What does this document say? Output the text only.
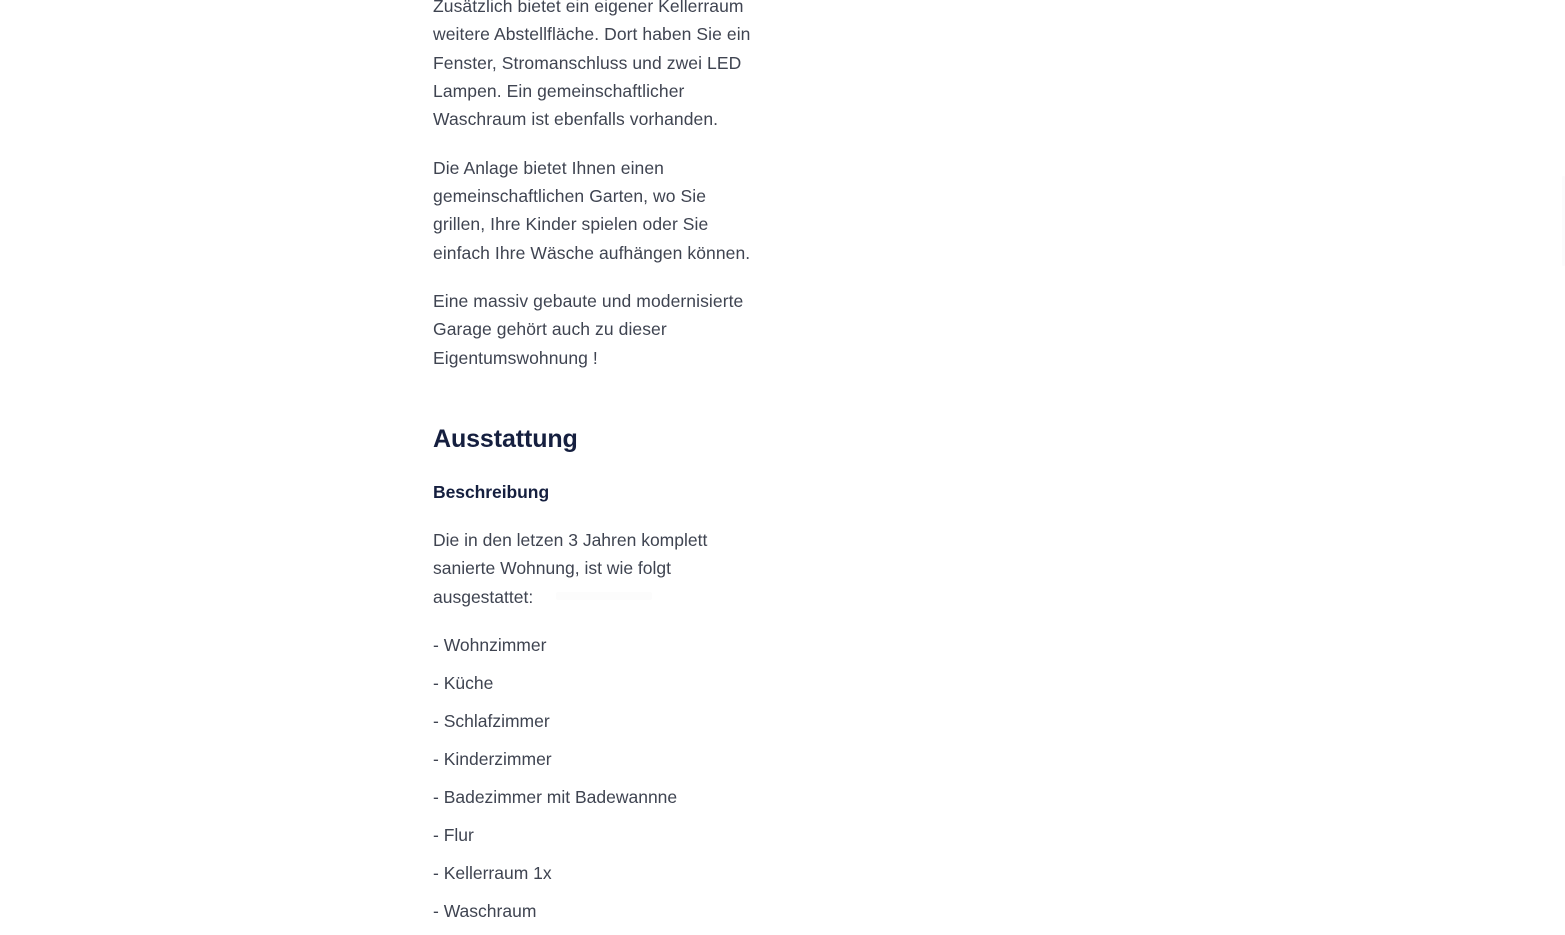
Zusätzlich bietet ein eigener Kellerraum weitere Abstellfläche. Dort haben Sie ein Fenster, Stromanschluss und zwei LED Lampen. Ein gemeinschaftlicher Waschraum ist ebenfalls vorhanden.

Die Anlage bietet Ihnen einen gemeinschaftlichen Garten, wo Sie grillen, Ihre Kinder spielen oder Sie einfach Ihre Wäsche aufhängen können.

Eine massiv gebaute und modernisierte Garage gehört auch zu dieser Eigentumswohnung !

Ausstattung
Beschreibung

Die in den letzen 3 Jahren komplett sanierte Wohnung, ist wie folgt ausgestattet:

- Wohnzimmer
- Küche
- Schlafzimmer
- Kinderzimmer
- Badezimmer mit Badewannne
- Flur
- Kellerraum 1x
- Waschraum
